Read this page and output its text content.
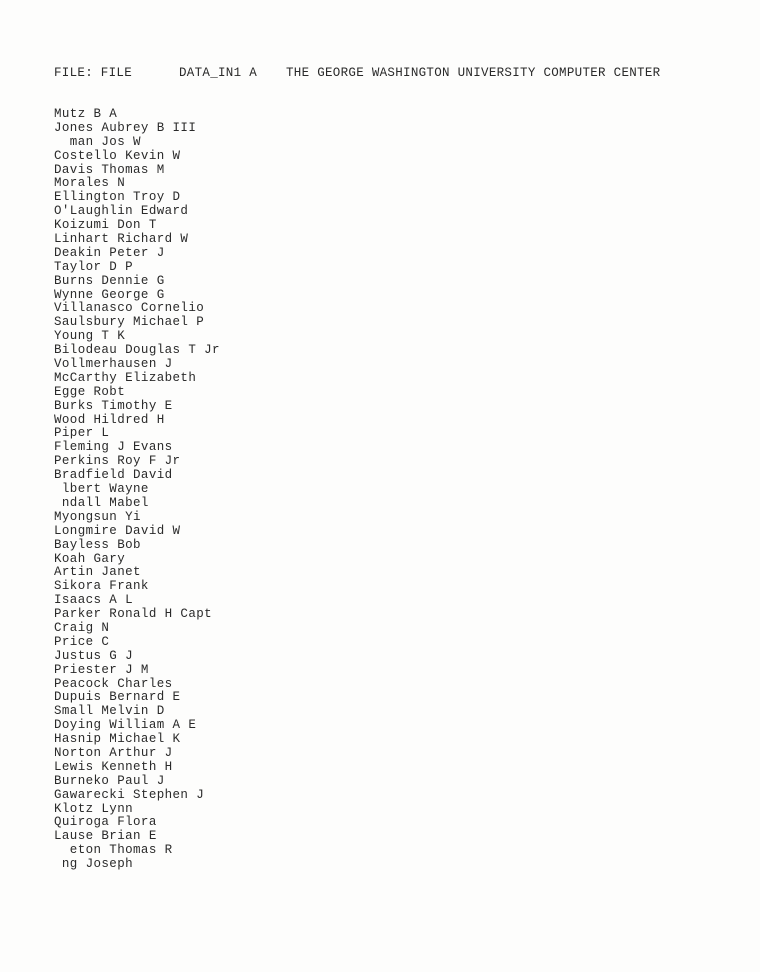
FILE: FILE	DATA_IN1 A	THE GEORGE WASHINGTON UNIVERSITY COMPUTER CENTER
Mutz B A
Jones Aubrey B III
man Jos W
Costello Kevin W
Davis Thomas M
Morales N
Ellington Troy D
O'Laughlin Edward
Koizumi Don T
Linhart Richard W
Deakin Peter J
Taylor D P
Burns Dennie G
Wynne George G
Villanasco Cornelio
Saulsbury Michael P
Young T K
Bilodeau Douglas T Jr
Vollmerhausen J
McCarthy Elizabeth
Egge Robt
Burks Timothy E
Wood Hildred H
Piper L
Fleming J Evans
Perkins Roy F Jr
Bradfield David
lbert Wayne
ndall Mabel
Myongsun Yi
Longmire David W
Bayless Bob
Koah Gary
Artin Janet
Sikora Frank
Isaacs A L
Parker Ronald H Capt
Craig N
Price C
Justus G J
Priester J M
Peacock Charles
Dupuis Bernard E
Small Melvin D
Doying William A E
Hasnip Michael K
Norton Arthur J
Lewis Kenneth H
Burneko Paul J
Gawarecki Stephen J
Klotz Lynn
Quiroga Flora
Lause Brian E
eton Thomas R
ng Joseph
